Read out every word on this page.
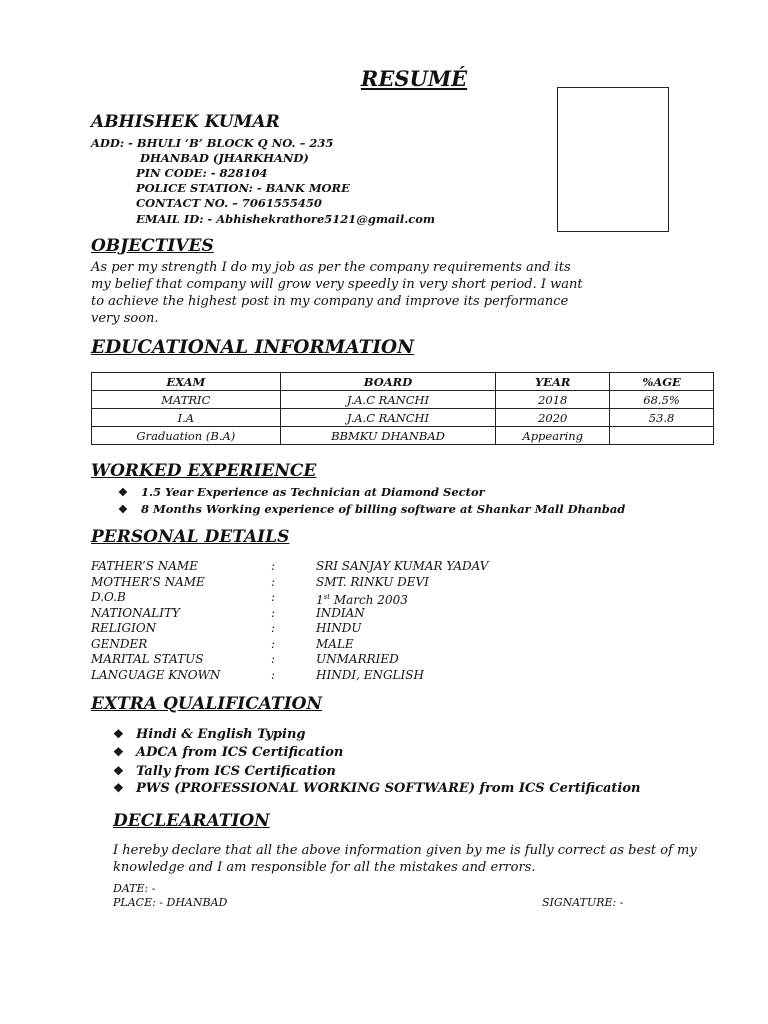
RESUMÉ
ABHISHEK KUMAR
ADD: - BHULI ‘B’ BLOCK Q NO. – 235
DHANBAD (JHARKHAND)
PIN CODE: - 828104
POLICE STATION: - BANK MORE
CONTACT NO. – 7061555450
EMAIL ID: - Abhishekrathore5121@gmail.com
OBJECTIVES
As per my strength I do my job as per the company requirements and its
my belief that company will grow very speedly in very short period. I want
to achieve the highest post in my company and improve its performance
very soon.
EDUCATIONAL INFORMATION
EXAM	BOARD	YEAR	%AGE
MATRIC	J.A.C RANCHI	2018	68.5%
I.A	J.A.C RANCHI	2020	53.8
Graduation (B.A)	BBMKU DHANBAD	Appearing	
WORKED EXPERIENCE
❖ 1.5 Year Experience as Technician at Diamond Sector
❖ 8 Months Working experience of billing software at Shankar Mall Dhanbad
PERSONAL DETAILS
FATHER’S NAME	:	SRI SANJAY KUMAR YADAV
MOTHER’S NAME	:	SMT. RINKU DEVI
D.O.B	:	1st March 2003
NATIONALITY	:	INDIAN
RELIGION	:	HINDU
GENDER	:	MALE
MARITAL STATUS	:	UNMARRIED
LANGUAGE KNOWN	:	HINDI, ENGLISH
EXTRA QUALIFICATION
❖ Hindi & English Typing
❖ ADCA from ICS Certification
❖ Tally from ICS Certification
❖ PWS (PROFESSIONAL WORKING SOFTWARE) from ICS Certification
DECLEARATION
I hereby declare that all the above information given by me is fully correct as best of my
knowledge and I am responsible for all the mistakes and errors.
DATE: -
PLACE: - DHANBAD	SIGNATURE: -
